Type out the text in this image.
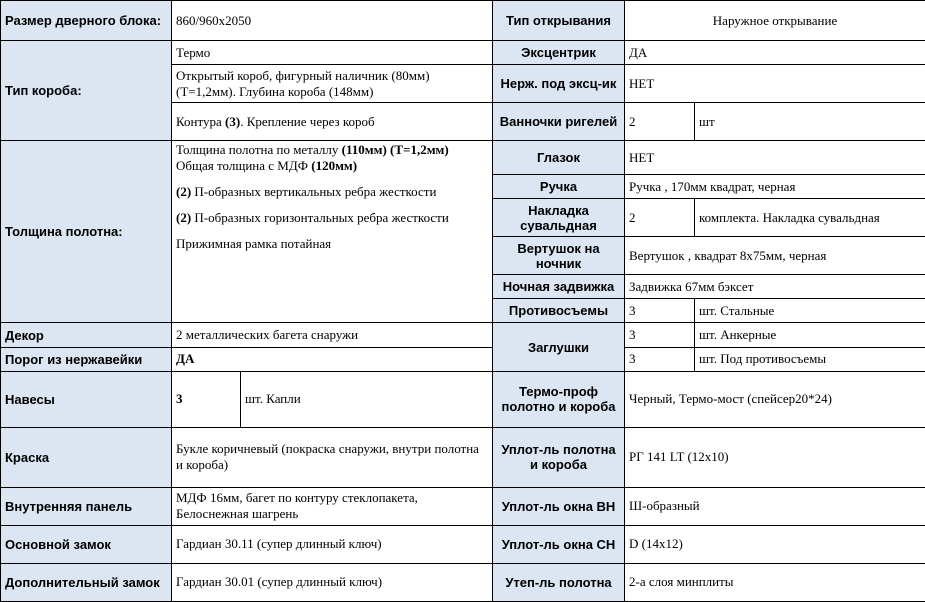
Размер дверного блока:	860/960x2050		Тип открывания	Наружное открывание	
Тип короба:	Термо		Эксцентрик	ДА	
	Открытый короб, фигурный наличник (80мм) (Т=1,2мм). Глубина короба (148мм)		Нерж. под эксц-ик	НЕТ	
	Контура (3). Крепление через короб		Ванночки ригелей	2	шт
Толщина полотна:	Толщина полотна по металлу (110мм) (Т=1,2мм)
Общая толщина с МДФ (120мм)
(2) П-образных вертикальных ребра жесткости
(2) П-образных горизонтальных ребра жесткости
Прижимная рамка потайная		Глазок	НЕТ	
			Ручка	Ручка , 170мм квадрат, черная	
			Накладка сувальдная	2	комплекта. Накладка сувальдная
			Вертушок на ночник	Вертушок , квадрат 8x75мм, черная	
			Ночная задвижка	Задвижка 67мм бэксет	
			Противосъемы	3	шт. Стальные
Декор	2 металлических багета снаружи		Заглушки	3	шт. Анкерные
Порог из нержавейки	ДА			3	шт. Под противосъемы
Навесы	3	шт. Капли	Термо-проф полотно и короба	Черный, Термо-мост (спейсер20*24)	
Краска	Букле коричневый (покраска снаружи, внутри полотна и короба)		Уплот-ль полотна и короба	РГ 141 LT (12x10)	
Внутренняя панель	МДФ 16мм, багет по контуру стеклопакета, Белоснежная шагрень		Уплот-ль окна ВН	Ш-образный	
Основной замок	Гардиан 30.11 (супер длинный ключ)		Уплот-ль окна СН	D (14x12)	
Дополнительный замок	Гардиан 30.01 (супер длинный ключ)		Утеп-ль полотна	2-а слоя минплиты	
